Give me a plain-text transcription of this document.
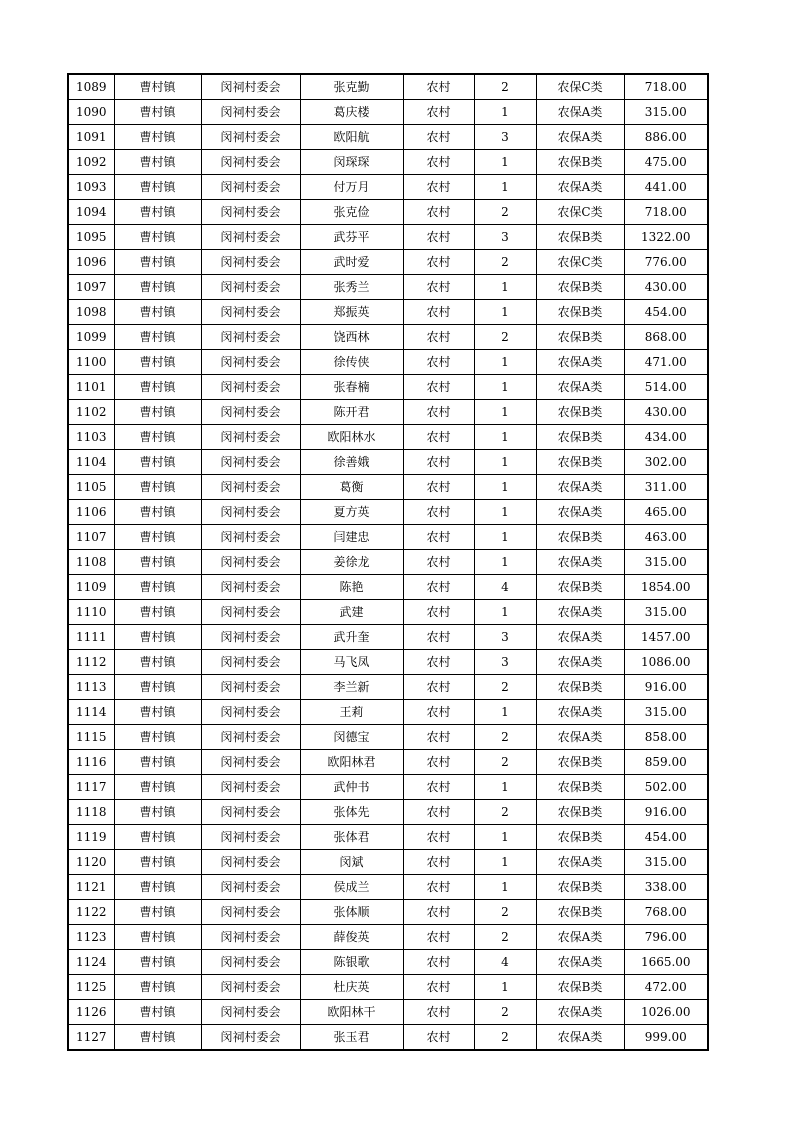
1089	曹村镇	闵祠村委会	张克勤	农村	2	农保C类	718.00
1090	曹村镇	闵祠村委会	葛庆楼	农村	1	农保A类	315.00
1091	曹村镇	闵祠村委会	欧阳航	农村	3	农保A类	886.00
1092	曹村镇	闵祠村委会	闵琛琛	农村	1	农保B类	475.00
1093	曹村镇	闵祠村委会	付万月	农村	1	农保A类	441.00
1094	曹村镇	闵祠村委会	张克俭	农村	2	农保C类	718.00
1095	曹村镇	闵祠村委会	武芬平	农村	3	农保B类	1322.00
1096	曹村镇	闵祠村委会	武时爱	农村	2	农保C类	776.00
1097	曹村镇	闵祠村委会	张秀兰	农村	1	农保B类	430.00
1098	曹村镇	闵祠村委会	郑振英	农村	1	农保B类	454.00
1099	曹村镇	闵祠村委会	饶西林	农村	2	农保B类	868.00
1100	曹村镇	闵祠村委会	徐传侠	农村	1	农保A类	471.00
1101	曹村镇	闵祠村委会	张春楠	农村	1	农保A类	514.00
1102	曹村镇	闵祠村委会	陈开君	农村	1	农保B类	430.00
1103	曹村镇	闵祠村委会	欧阳林水	农村	1	农保B类	434.00
1104	曹村镇	闵祠村委会	徐善娥	农村	1	农保B类	302.00
1105	曹村镇	闵祠村委会	葛衡	农村	1	农保A类	311.00
1106	曹村镇	闵祠村委会	夏方英	农村	1	农保A类	465.00
1107	曹村镇	闵祠村委会	闫建忠	农村	1	农保B类	463.00
1108	曹村镇	闵祠村委会	姜徐龙	农村	1	农保A类	315.00
1109	曹村镇	闵祠村委会	陈艳	农村	4	农保B类	1854.00
1110	曹村镇	闵祠村委会	武建	农村	1	农保A类	315.00
1111	曹村镇	闵祠村委会	武升奎	农村	3	农保A类	1457.00
1112	曹村镇	闵祠村委会	马飞凤	农村	3	农保A类	1086.00
1113	曹村镇	闵祠村委会	李兰新	农村	2	农保B类	916.00
1114	曹村镇	闵祠村委会	王莉	农村	1	农保A类	315.00
1115	曹村镇	闵祠村委会	闵德宝	农村	2	农保A类	858.00
1116	曹村镇	闵祠村委会	欧阳林君	农村	2	农保B类	859.00
1117	曹村镇	闵祠村委会	武仲书	农村	1	农保B类	502.00
1118	曹村镇	闵祠村委会	张体先	农村	2	农保B类	916.00
1119	曹村镇	闵祠村委会	张体君	农村	1	农保B类	454.00
1120	曹村镇	闵祠村委会	闵斌	农村	1	农保A类	315.00
1121	曹村镇	闵祠村委会	侯成兰	农村	1	农保B类	338.00
1122	曹村镇	闵祠村委会	张体顺	农村	2	农保B类	768.00
1123	曹村镇	闵祠村委会	薛俊英	农村	2	农保A类	796.00
1124	曹村镇	闵祠村委会	陈银歌	农村	4	农保A类	1665.00
1125	曹村镇	闵祠村委会	杜庆英	农村	1	农保B类	472.00
1126	曹村镇	闵祠村委会	欧阳林干	农村	2	农保A类	1026.00
1127	曹村镇	闵祠村委会	张玉君	农村	2	农保A类	999.00
